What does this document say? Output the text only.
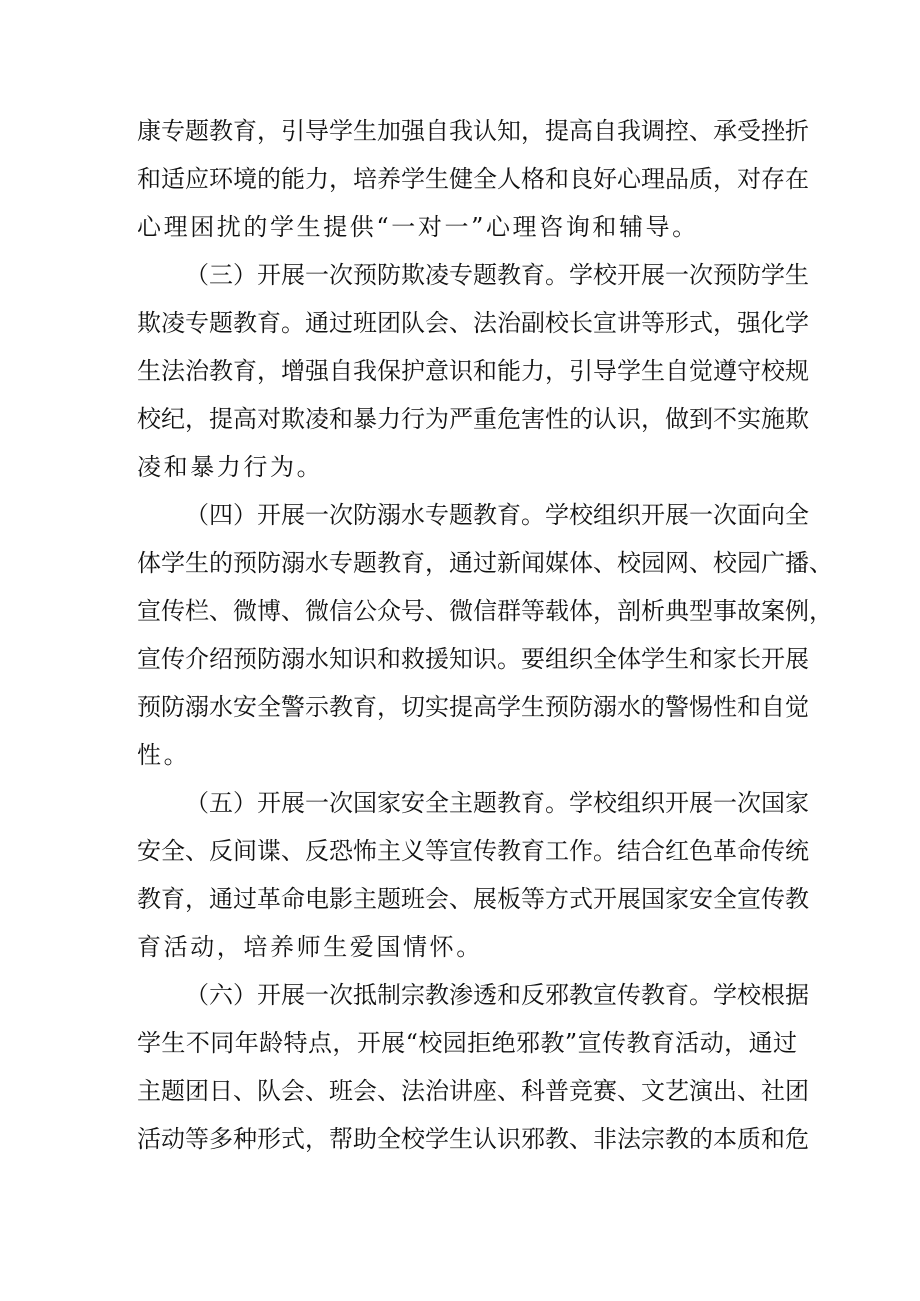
康专题教育，引导学生加强自我认知，提高自我调控、承受挫折
和适应环境的能力，培养学生健全人格和良好心理品质，对存在
心理困扰的学生提供“一对一”心理咨询和辅导。
（三）开展一次预防欺凌专题教育。学校开展一次预防学生
欺凌专题教育。通过班团队会、法治副校长宣讲等形式，强化学
生法治教育，增强自我保护意识和能力，引导学生自觉遵守校规
校纪，提高对欺凌和暴力行为严重危害性的认识，做到不实施欺
凌和暴力行为。
（四）开展一次防溺水专题教育。学校组织开展一次面向全
体学生的预防溺水专题教育，通过新闻媒体、校园网、校园广播、
宣传栏、微博、微信公众号、微信群等载体，剖析典型事故案例，
宣传介绍预防溺水知识和救援知识。要组织全体学生和家长开展
预防溺水安全警示教育，切实提高学生预防溺水的警惕性和自觉
性。
（五）开展一次国家安全主题教育。学校组织开展一次国家
安全、反间谍、反恐怖主义等宣传教育工作。结合红色革命传统
教育，通过革命电影主题班会、展板等方式开展国家安全宣传教
育活动，培养师生爱国情怀。
（六）开展一次抵制宗教渗透和反邪教宣传教育。学校根据
学生不同年龄特点，开展“校园拒绝邪教”宣传教育活动，通过
主题团日、队会、班会、法治讲座、科普竞赛、文艺演出、社团
活动等多种形式，帮助全校学生认识邪教、非法宗教的本质和危
